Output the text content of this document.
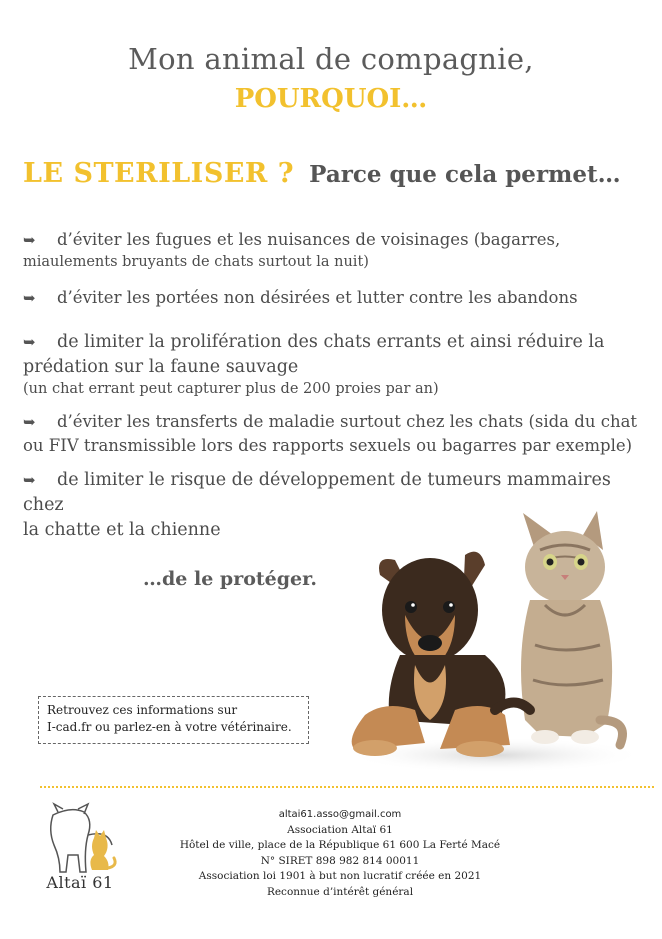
Mon animal de compagnie,
POURQUOI…
LE STERILISER ? Parce que cela permet…
➥ d’éviter les fugues et les nuisances de voisinages (bagarres,
miaulements bruyants de chats surtout la nuit)
➥ d’éviter les portées non désirées et lutter contre les abandons
➥ de limiter la prolifération des chats errants et ainsi réduire la
prédation sur la faune sauvage
(un chat errant peut capturer plus de 200 proies par an)
➥ d’éviter les transferts de maladie surtout chez les chats (sida du chat
ou FIV transmissible lors des rapports sexuels ou bagarres par exemple)
➥ de limiter le risque de développement de tumeurs mammaires chez
la chatte et la chienne
…de le protéger.
Retrouvez ces informations sur
I-cad.fr ou parlez-en à votre vétérinaire.
Altaï 61
altai61.asso@gmail.com
Association Altaï 61
Hôtel de ville, place de la République 61 600 La Ferté Macé
N° SIRET 898 982 814 00011
Association loi 1901 à but non lucratif créée en 2021
Reconnue d’intérêt général
